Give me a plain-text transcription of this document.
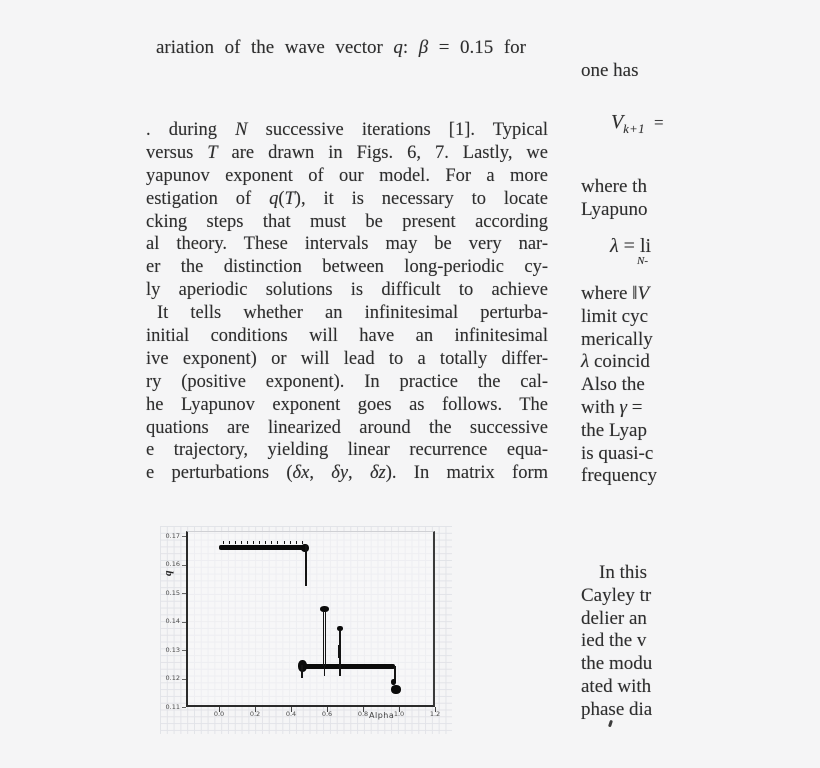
ariation of the wave vector q: β = 0.15 for
. during N successive iterations [1]. Typical
versus T are drawn in Figs. 6, 7. Lastly, we
yapunov exponent of our model. For a more
estigation of q(T), it is necessary to locate
cking steps that must be present according
al theory. These intervals may be very nar-
er the distinction between long-periodic cy-
ly aperiodic solutions is difficult to achieve
It tells whether an infinitesimal perturba-
initial conditions will have an infinitesimal
ive exponent) or will lead to a totally differ-
ry (positive exponent). In practice the cal-
he Lyapunov exponent goes as follows. The
quations are linearized around the successive
e trajectory, yielding linear recurrence equa-
e perturbations (δx, δy, δz). In matrix form
one has
$V_{k+1}$ =
where th
Lyapuno
λ = li
N-
where ‖V
limit cyc
merically
λ coincid
Also the
with γ =
the Lyap
is quasi-c
frequency
In this
Cayley tr
delier an
ied the v
the modu
ated with
phase dia
q
Alpha
0.0	0.2	0.4	0.6	0.8	1.0	1.2
0.17
0.16
0.15
0.14
0.13
0.12
0.11
